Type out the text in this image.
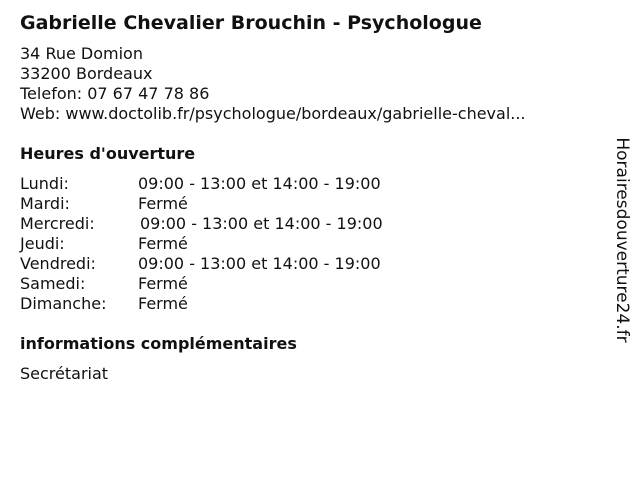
Gabrielle Chevalier Brouchin - Psychologue
34 Rue Domion
33200 Bordeaux
Telefon: 07 67 47 78 86
Web: www.doctolib.fr/psychologue/bordeaux/gabrielle-cheval...
Heures d'ouverture
Lundi:	09:00 - 13:00 et 14:00 - 19:00
Mardi:	Fermé
Mercredi:	09:00 - 13:00 et 14:00 - 19:00
Jeudi:	Fermé
Vendredi:	09:00 - 13:00 et 14:00 - 19:00
Samedi:	Fermé
Dimanche: Fermé
informations complémentaires
Secrétariat
Horairesdouverture24.fr
